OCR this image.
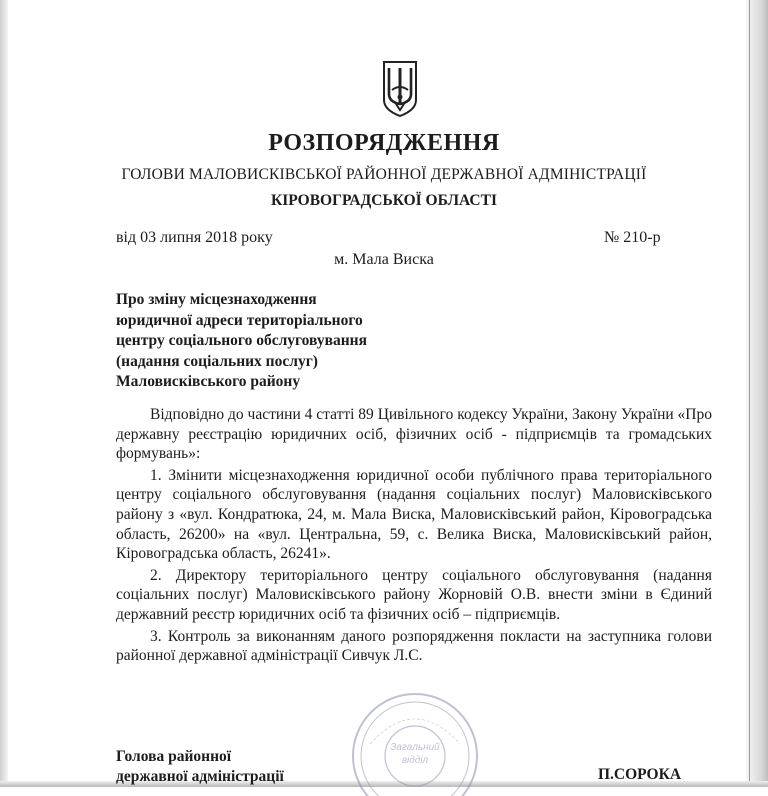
РОЗПОРЯДЖЕННЯ
ГОЛОВИ МАЛОВИСКІВСЬКОЇ РАЙОННОЇ ДЕРЖАВНОЇ АДМІНІСТРАЦІЇ
КІРОВОГРАДСЬКОЇ ОБЛАСТІ
від 03 липня 2018 року	№ 210-р
м. Мала Виска
Про зміну місцезнаходження
юридичної адреси територіального
центру соціального обслуговування
(надання соціальних послуг)
Маловисківського району

Відповідно до частини 4 статті 89 Цивільного кодексу України, Закону України «Про державну реєстрацію юридичних осіб, фізичних осіб - підприємців та громадських формувань»:

1. Змінити місцезнаходження юридичної особи публічного права територіального центру соціального обслуговування (надання соціальних послуг) Маловисківського району з «вул. Кондратюка, 24, м. Мала Виска, Маловисківський район, Кіровоградська область, 26200» на «вул. Центральна, 59, с. Велика Виска, Маловисківський район, Кіровоградська область, 26241».

2. Директору територіального центру соціального обслуговування (надання соціальних послуг) Маловисківського району Жорновій О.В. внести зміни в Єдиний державний реєстр юридичних осіб та фізичних осіб – підприємців.

3. Контроль за виконанням даного розпорядження покласти на заступника голови районної державної адміністрації Сивчук Л.С.

Загальний
відділ
Голова районної
державної адміністрації	П.СОРОКА
